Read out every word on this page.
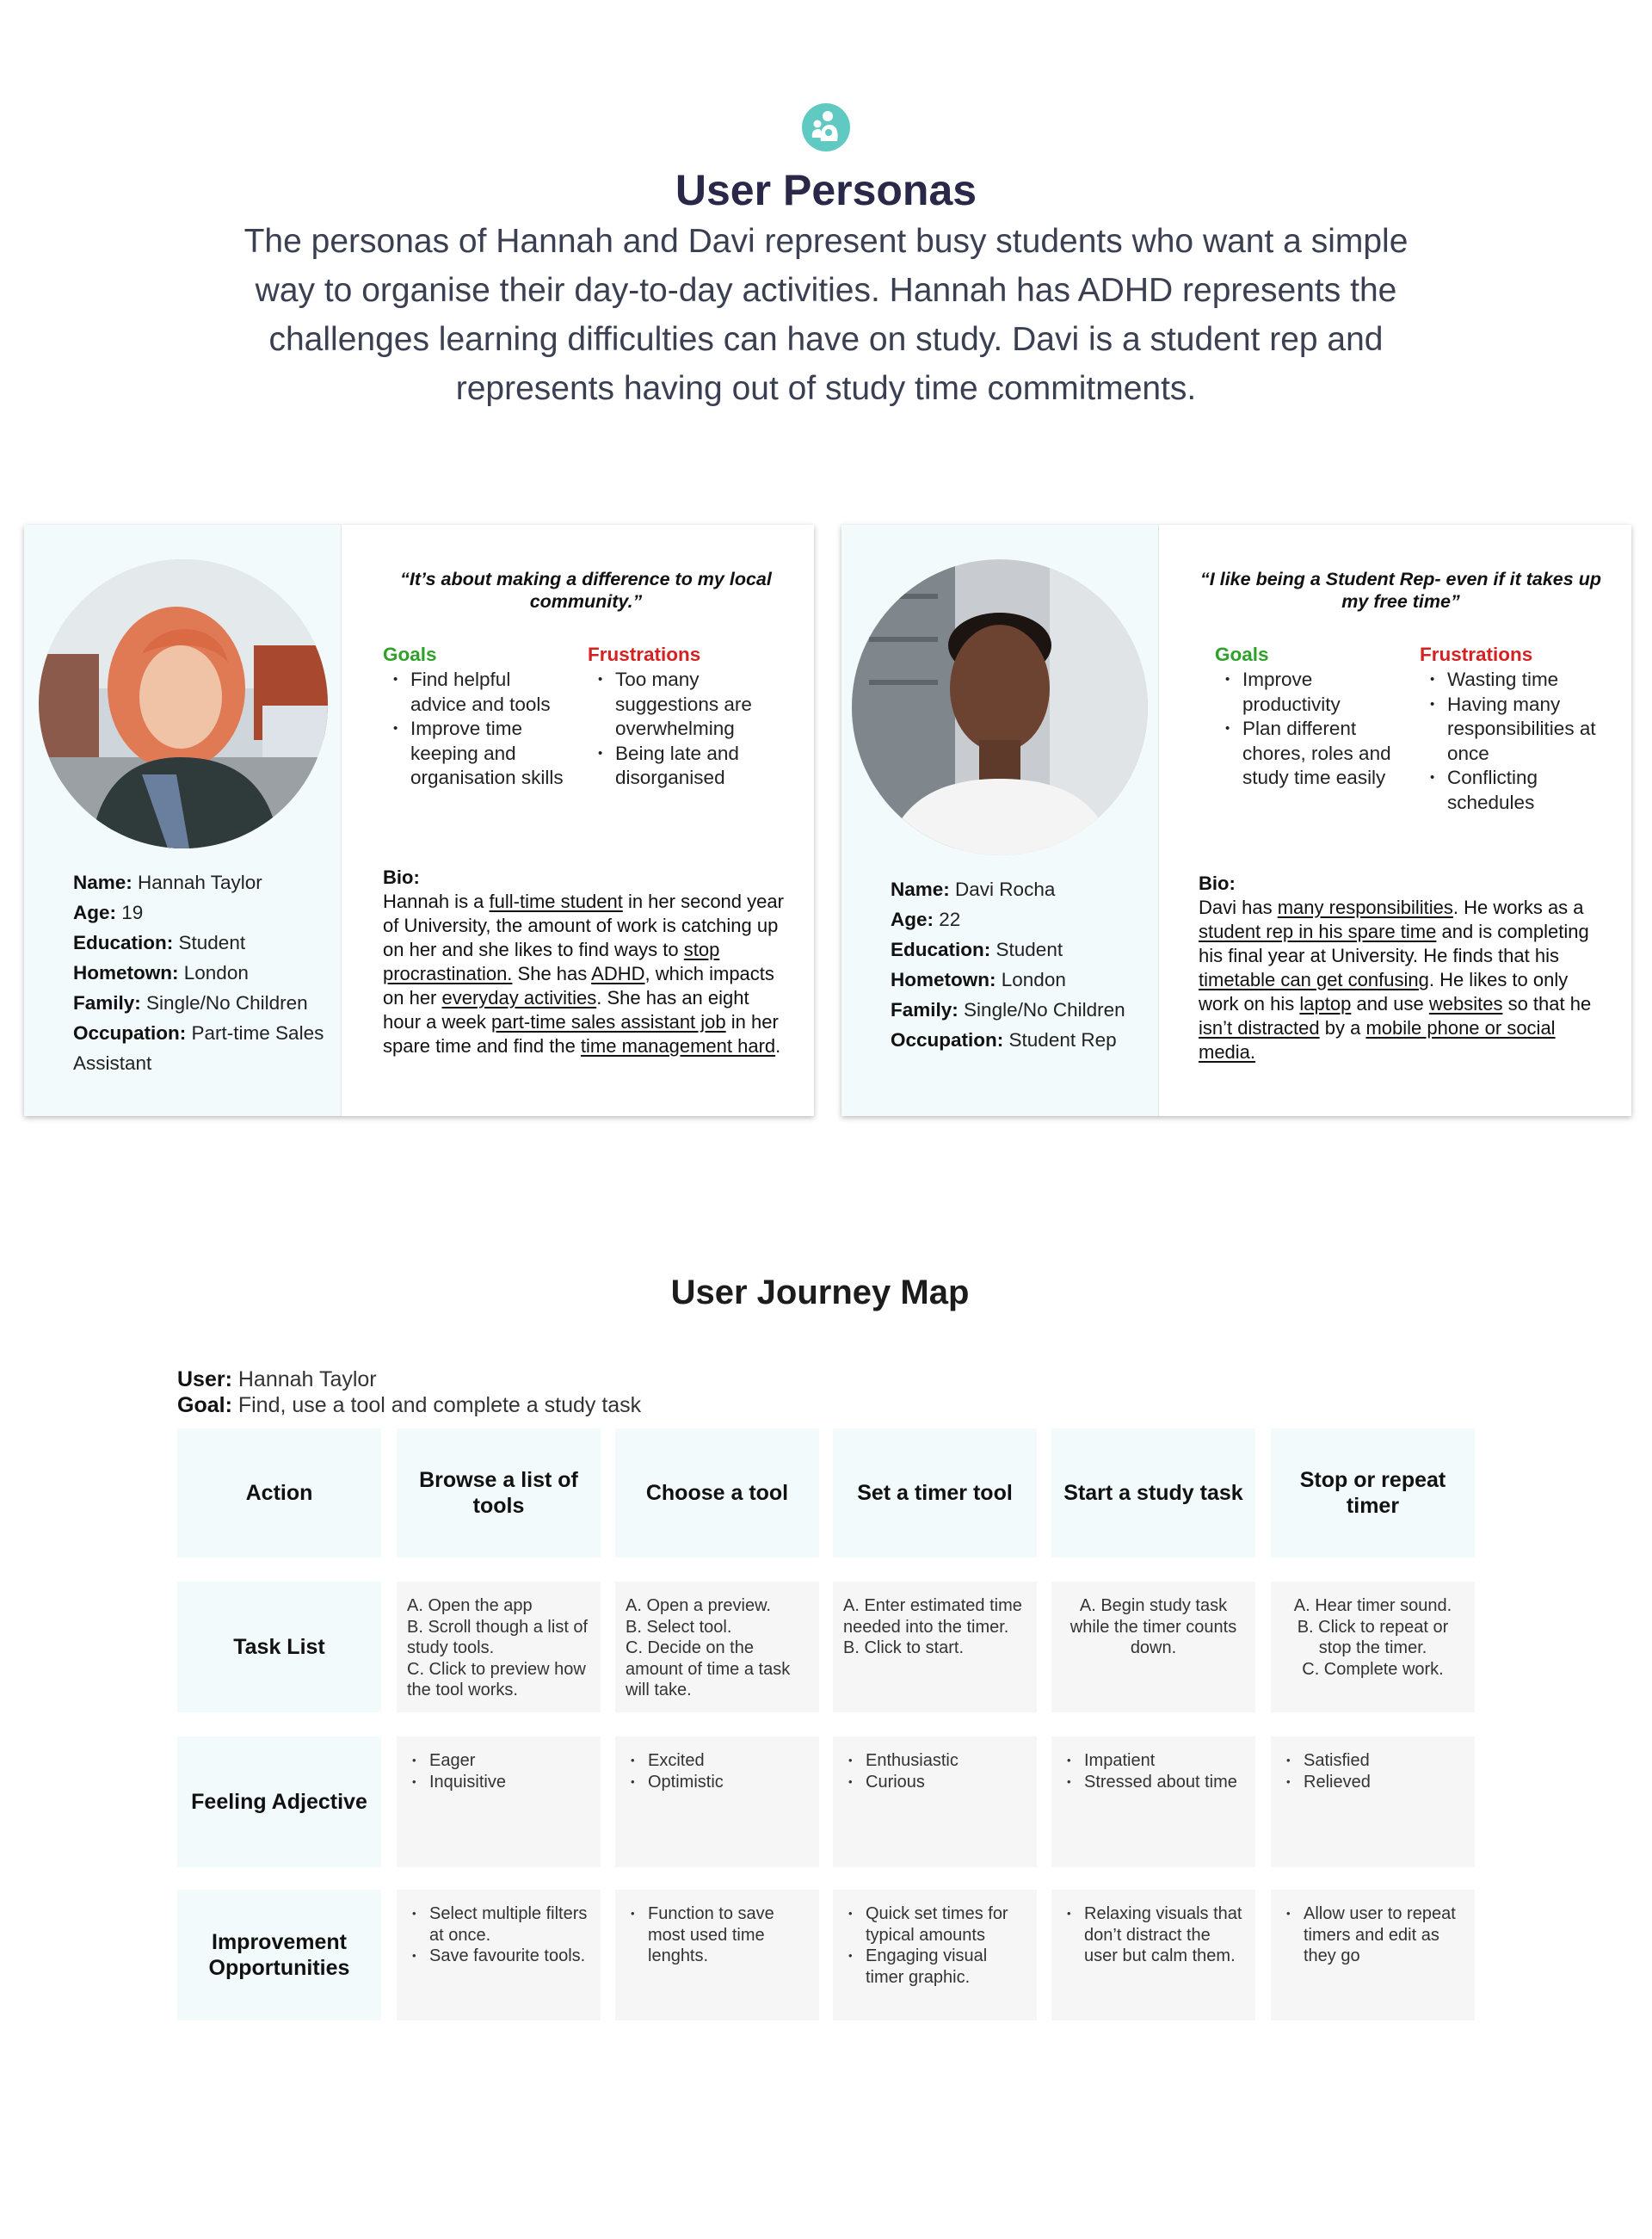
User Personas

The personas of Hannah and Davi represent busy students who want a simple way to organise their day-to-day activities. Hannah has ADHD represents the challenges learning difficulties can have on study. Davi is a student rep and represents having out of study time commitments.

Name: Hannah Taylor
Age: 19
Education: Student
Hometown: London
Family: Single/No Children
Occupation: Part-time Sales Assistant

“It’s about making a difference to my local community.”

Goals
• Find helpful advice and tools
• Improve time keeping and organisation skills
Frustrations
• Too many suggestions are overwhelming
• Being late and disorganised
Bio:
Hannah is a full-time student in her second year of University, the amount of work is catching up on her and she likes to find ways to stop procrastination. She has ADHD, which impacts on her everyday activities. She has an eight hour a week part-time sales assistant job in her spare time and find the time management hard.
Name: Davi Rocha
Age: 22
Education: Student
Hometown: London
Family: Single/No Children
Occupation: Student Rep

“I like being a Student Rep- even if it takes up my free time”

Goals
• Improve productivity
• Plan different chores, roles and study time easily
Frustrations
• Wasting time
• Having many responsibilities at once
• Conflicting schedules
Bio:
Davi has many responsibilities. He works as a student rep in his spare time and is completing his final year at University. He finds that his timetable can get confusing. He likes to only work on his laptop and use websites so that he isn’t distracted by a mobile phone or social media.
User Journey Map
User: Hannah Taylor
Goal: Find, use a tool and complete a study task
Action
Task List
Feeling Adjective
Improvement Opportunities
Browse a list of tools
Choose a tool	Set a timer tool	Start a study task
Stop or repeat timer
A. Open the app
B. Scroll though a list of study tools.
C. Click to preview how the tool works.
A. Open a preview.
B. Select tool.
C. Decide on the amount of time a task will take.
A. Enter estimated time needed into the timer.
B. Click to start.
A. Begin study task while the timer counts down.
A. Hear timer sound.
B. Click to repeat or stop the timer.
C. Complete work.
• Eager
• Inquisitive
• Excited
• Optimistic
• Enthusiastic
• Curious
• Impatient
• Stressed about time
• Satisfied
• Relieved
• Select multiple filters at once.
• Save favourite tools.
• Function to save most used time lenghts.
• Quick set times for typical amounts
• Engaging visual timer graphic.
• Relaxing visuals that don’t distract the user but calm them.
• Allow user to repeat timers and edit as they go
